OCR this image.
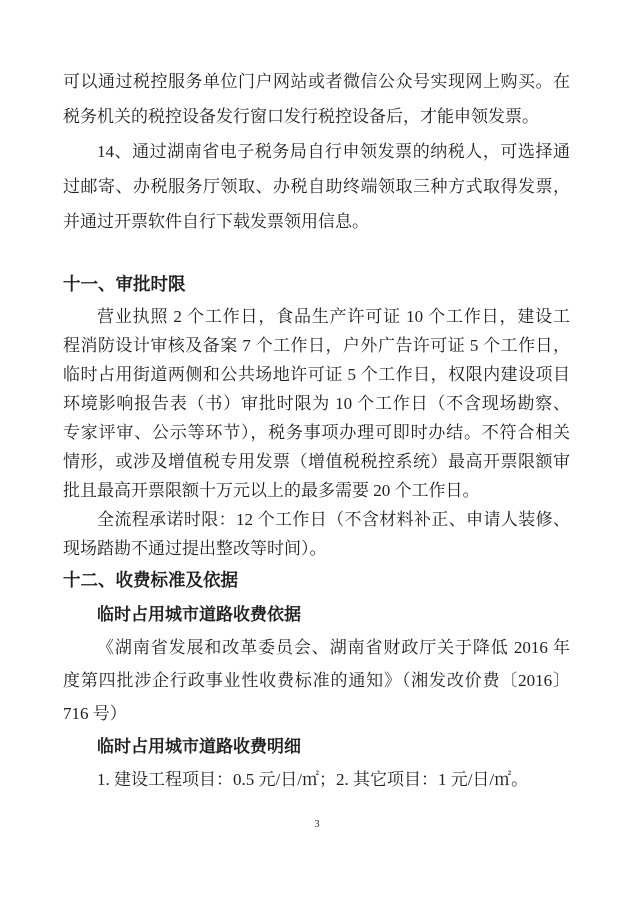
可以通过税控服务单位门户网站或者微信公众号实现网上购买。在
税务机关的税控设备发行窗口发行税控设备后，才能申领发票。
14、通过湖南省电子税务局自行申领发票的纳税人，可选择通
过邮寄、办税服务厅领取、办税自助终端领取三种方式取得发票，
并通过开票软件自行下载发票领用信息。
十一、审批时限
营业执照 2 个工作日，食品生产许可证 10 个工作日，建设工
程消防设计审核及备案 7 个工作日，户外广告许可证 5 个工作日，
临时占用街道两侧和公共场地许可证 5 个工作日，权限内建设项目
环境影响报告表（书）审批时限为 10 个工作日（不含现场勘察、
专家评审、公示等环节），税务事项办理可即时办结。不符合相关
情形，或涉及增值税专用发票（增值税税控系统）最高开票限额审
批且最高开票限额十万元以上的最多需要 20 个工作日。
全流程承诺时限：12 个工作日（不含材料补正、申请人装修、
现场踏勘不通过提出整改等时间）。
十二、收费标准及依据
临时占用城市道路收费依据
《湖南省发展和改革委员会、湖南省财政厅关于降低 2016 年
度第四批涉企行政事业性收费标准的通知》（湘发改价费〔2016〕
716 号）
临时占用城市道路收费明细
1. 建设工程项目：0.5 元/日/㎡；2. 其它项目：1 元/日/㎡。
3
